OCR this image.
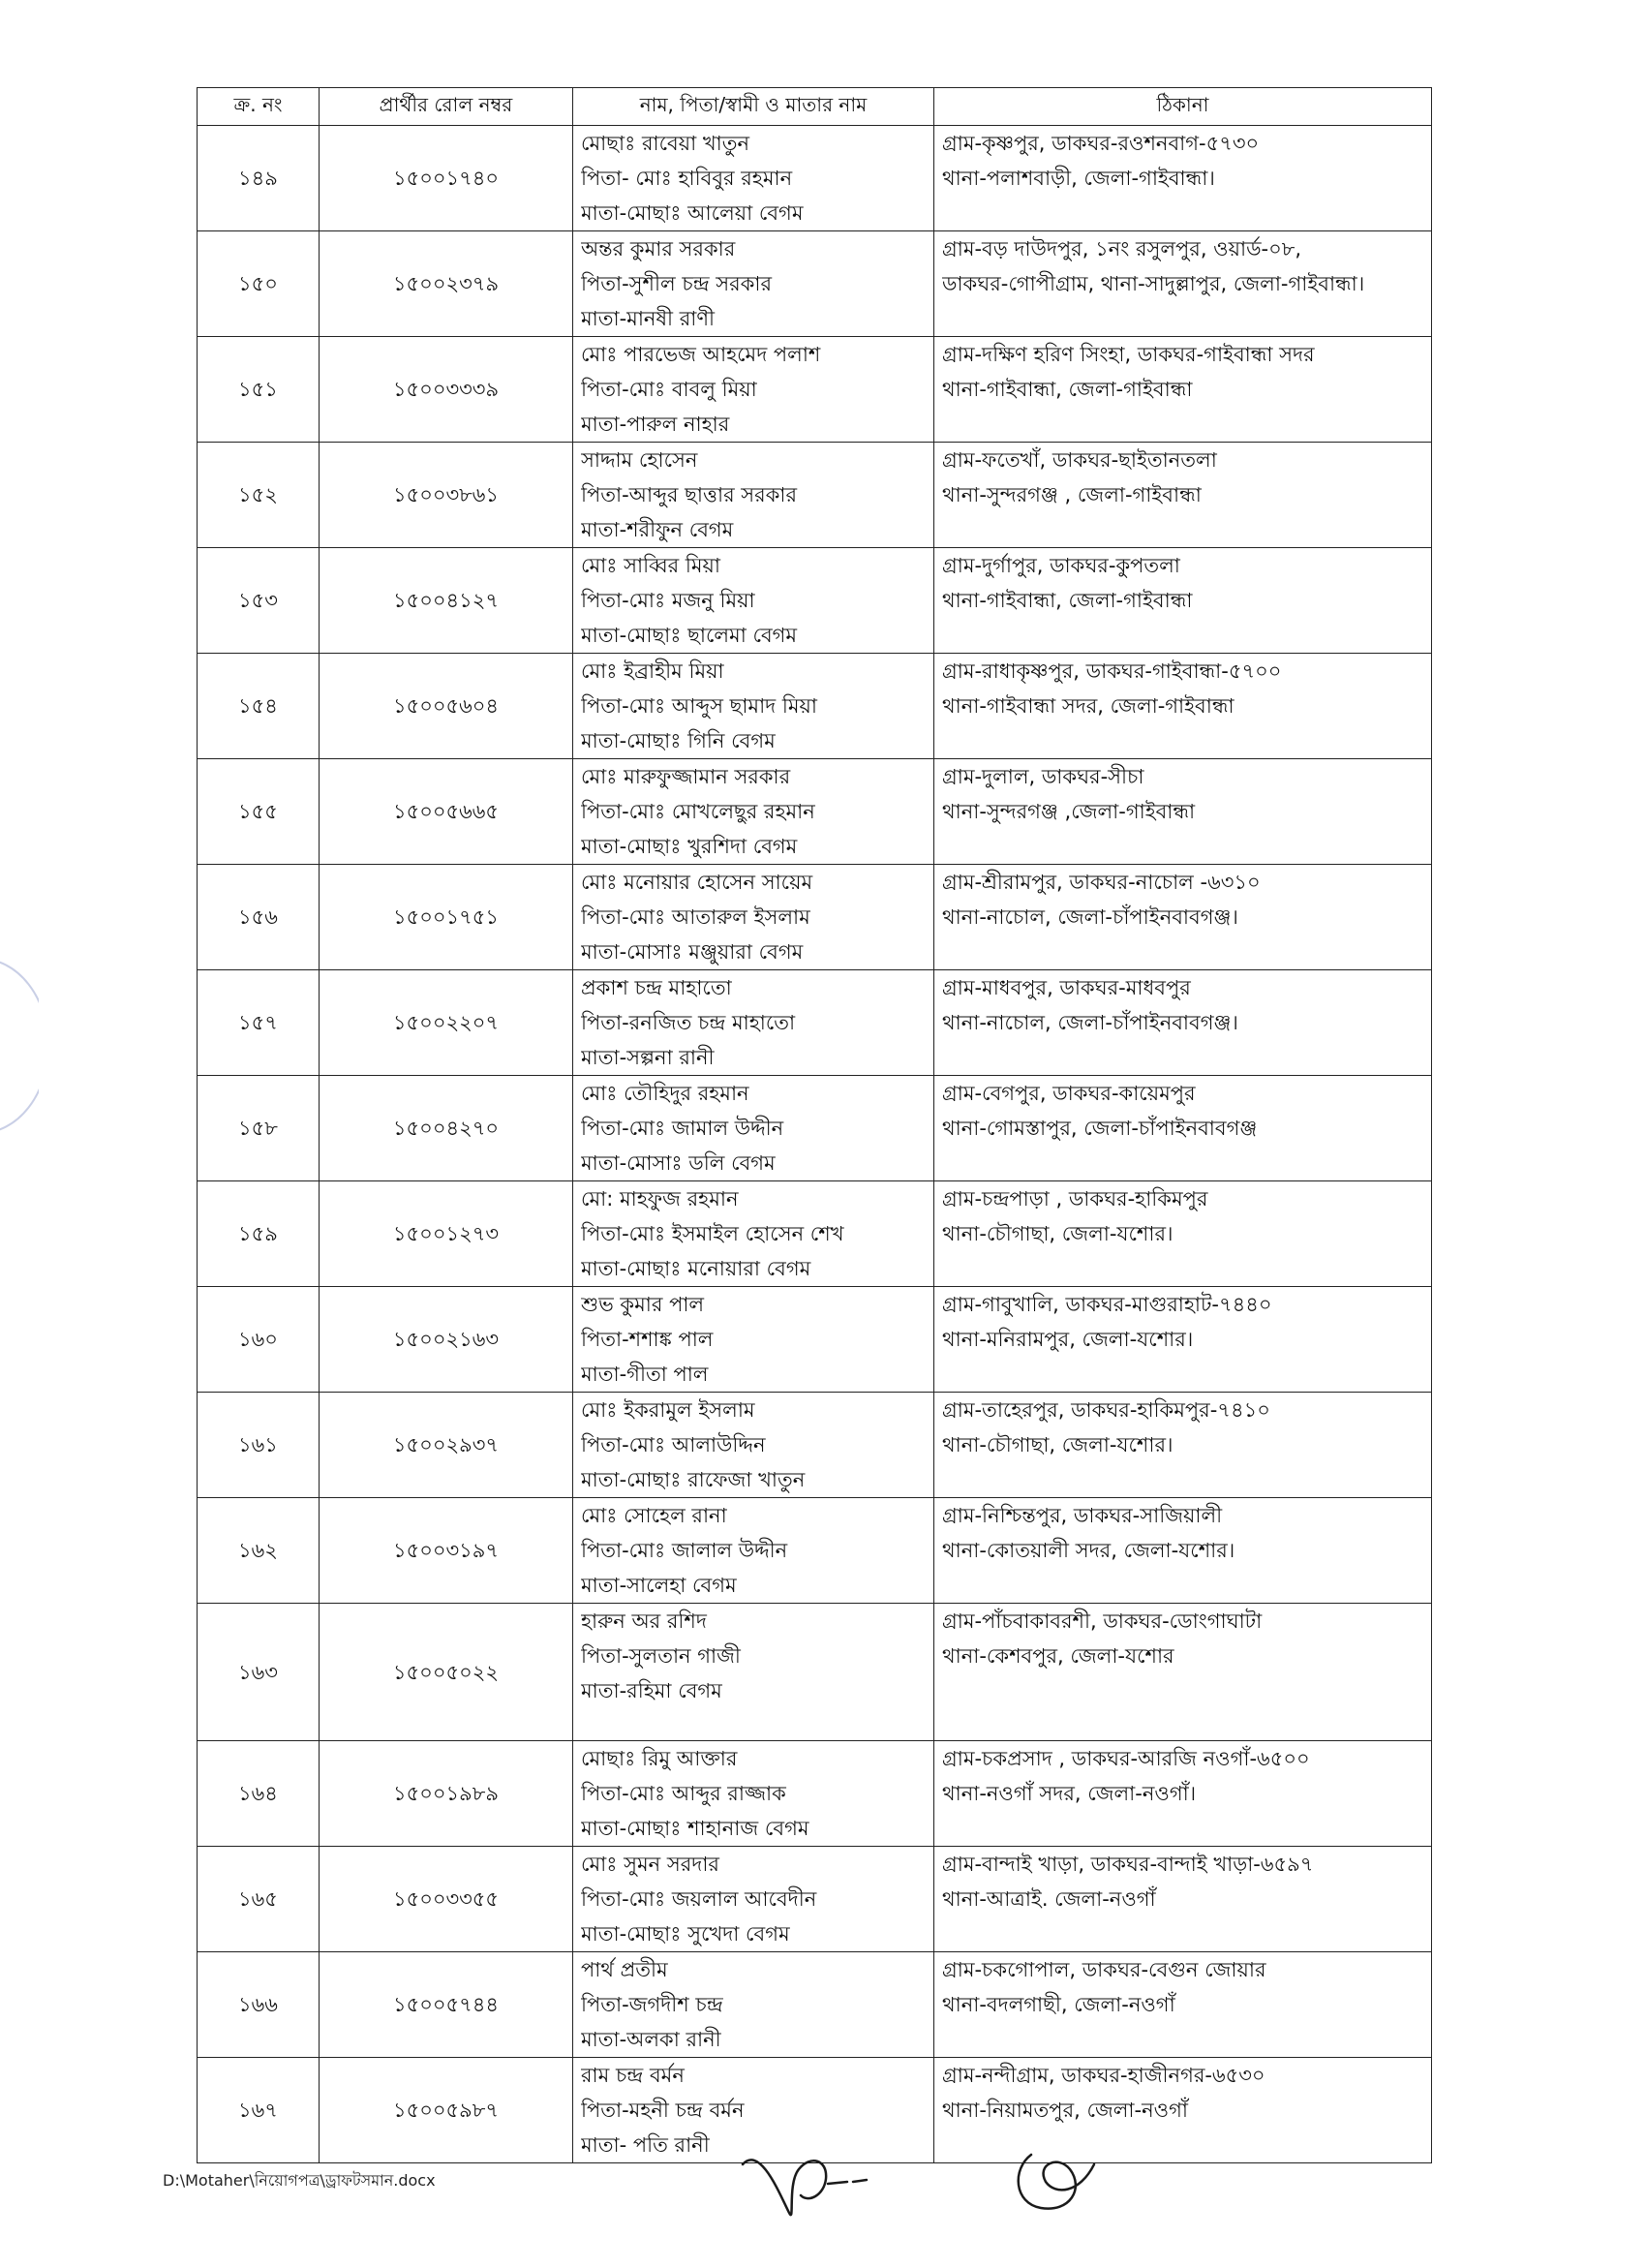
ক্র. নং	প্রার্থীর রোল নম্বর	নাম, পিতা/স্বামী ও মাতার নাম	ঠিকানা
১৪৯	১৫০০১৭৪০	মোছাঃ রাবেয়া খাতুন
পিতা- মোঃ হাবিবুর রহমান
মাতা-মোছাঃ আলেয়া বেগম	গ্রাম-কৃষ্ণপুর, ডাকঘর-রওশনবাগ-৫৭৩০
থানা-পলাশবাড়ী, জেলা-গাইবান্ধা।

১৫০	১৫০০২৩৭৯	অন্তর কুমার সরকার
পিতা-সুশীল চন্দ্র সরকার
মাতা-মানষী রাণী	গ্রাম-বড় দাউদপুর, ১নং রসুলপুর, ওয়ার্ড-০৮,
ডাকঘর-গোপীগ্রাম, থানা-সাদুল্লাপুর, জেলা-গাইবান্ধা।

১৫১	১৫০০৩৩৩৯	মোঃ পারভেজ আহমেদ পলাশ
পিতা-মোঃ বাবলু মিয়া
মাতা-পারুল নাহার	গ্রাম-দক্ষিণ হরিণ সিংহা, ডাকঘর-গাইবান্ধা সদর
থানা-গাইবান্ধা, জেলা-গাইবান্ধা

১৫২	১৫০০৩৮৬১	সাদ্দাম হোসেন
পিতা-আব্দুর ছাত্তার সরকার
মাতা-শরীফুন বেগম	গ্রাম-ফতেখাঁ, ডাকঘর-ছাইতানতলা
থানা-সুন্দরগঞ্জ , জেলা-গাইবান্ধা

১৫৩	১৫০০৪১২৭	মোঃ সাব্বির মিয়া
পিতা-মোঃ মজনু মিয়া
মাতা-মোছাঃ ছালেমা বেগম	গ্রাম-দুর্গাপুর, ডাকঘর-কুপতলা
থানা-গাইবান্ধা, জেলা-গাইবান্ধা

১৫৪	১৫০০৫৬০৪	মোঃ ইব্রাহীম মিয়া
পিতা-মোঃ আব্দুস ছামাদ মিয়া
মাতা-মোছাঃ গিনি বেগম	গ্রাম-রাধাকৃষ্ণপুর, ডাকঘর-গাইবান্ধা-৫৭০০
থানা-গাইবান্ধা সদর, জেলা-গাইবান্ধা

১৫৫	১৫০০৫৬৬৫	মোঃ মারুফুজ্জামান সরকার
পিতা-মোঃ মোখলেছুর রহমান
মাতা-মোছাঃ খুরশিদা বেগম	গ্রাম-দুলাল, ডাকঘর-সীচা
থানা-সুন্দরগঞ্জ ,জেলা-গাইবান্ধা

১৫৬	১৫০০১৭৫১	মোঃ মনোয়ার হোসেন সায়েম
পিতা-মোঃ আতারুল ইসলাম
মাতা-মোসাঃ মঞ্জুয়ারা বেগম	গ্রাম-শ্রীরামপুর, ডাকঘর-নাচোল -৬৩১০
থানা-নাচোল, জেলা-চাঁপাইনবাবগঞ্জ।

১৫৭	১৫০০২২০৭	প্রকাশ চন্দ্র মাহাতো
পিতা-রনজিত চন্দ্র মাহাতো
মাতা-সল্পনা রানী	গ্রাম-মাধবপুর, ডাকঘর-মাধবপুর
থানা-নাচোল, জেলা-চাঁপাইনবাবগঞ্জ।

১৫৮	১৫০০৪২৭০	মোঃ তৌহিদুর রহমান
পিতা-মোঃ জামাল উদ্দীন
মাতা-মোসাঃ ডলি বেগম	গ্রাম-বেগপুর, ডাকঘর-কায়েমপুর
থানা-গোমস্তাপুর, জেলা-চাঁপাইনবাবগঞ্জ

১৫৯	১৫০০১২৭৩	মো: মাহফুজ রহমান
পিতা-মোঃ ইসমাইল হোসেন শেখ
মাতা-মোছাঃ মনোয়ারা বেগম	গ্রাম-চন্দ্রপাড়া , ডাকঘর-হাকিমপুর
থানা-চৌগাছা, জেলা-যশোর।

১৬০	১৫০০২১৬৩	শুভ কুমার পাল
পিতা-শশাঙ্ক পাল
মাতা-গীতা পাল	গ্রাম-গাবুখালি, ডাকঘর-মাগুরাহাট-৭৪৪০
থানা-মনিরামপুর, জেলা-যশোর।

১৬১	১৫০০২৯৩৭	মোঃ ইকরামুল ইসলাম
পিতা-মোঃ আলাউদ্দিন
মাতা-মোছাঃ রাফেজা খাতুন	গ্রাম-তাহেরপুর, ডাকঘর-হাকিমপুর-৭৪১০
থানা-চৌগাছা, জেলা-যশোর।

১৬২	১৫০০৩১৯৭	মোঃ সোহেল রানা
পিতা-মোঃ জালাল উদ্দীন
মাতা-সালেহা বেগম	গ্রাম-নিশ্চিন্তপুর, ডাকঘর-সাজিয়ালী
থানা-কোতয়ালী সদর, জেলা-যশোর।

১৬৩	১৫০০৫০২২	হারুন অর রশিদ
পিতা-সুলতান গাজী
মাতা-রহিমা বেগম	গ্রাম-পাঁচবাকাবরশী, ডাকঘর-ডোংগাঘাটা
থানা-কেশবপুর, জেলা-যশোর

১৬৪	১৫০০১৯৮৯	মোছাঃ রিমু আক্তার
পিতা-মোঃ আব্দুর রাজ্জাক
মাতা-মোছাঃ শাহানাজ বেগম	গ্রাম-চকপ্রসাদ , ডাকঘর-আরজি নওগাঁ-৬৫০০
থানা-নওগাঁ সদর, জেলা-নওগাঁ।

১৬৫	১৫০০৩৩৫৫	মোঃ সুমন সরদার
পিতা-মোঃ জয়লাল আবেদীন
মাতা-মোছাঃ সুখেদা বেগম	গ্রাম-বান্দাই খাড়া, ডাকঘর-বান্দাই খাড়া-৬৫৯৭
থানা-আত্রাই. জেলা-নওগাঁ

১৬৬	১৫০০৫৭৪৪	পার্থ প্রতীম
পিতা-জগদীশ চন্দ্র
মাতা-অলকা রানী	গ্রাম-চকগোপাল, ডাকঘর-বেগুন জোয়ার
থানা-বদলগাছী, জেলা-নওগাঁ

১৬৭	১৫০০৫৯৮৭	রাম চন্দ্র বর্মন
পিতা-মহনী চন্দ্র বর্মন
মাতা- পতি রানী	গ্রাম-নন্দীগ্রাম, ডাকঘর-হাজীনগর-৬৫৩০
থানা-নিয়ামতপুর, জেলা-নওগাঁ
D:\Motaher\নিয়োগপত্র\ড্রাফটসমান.docx
